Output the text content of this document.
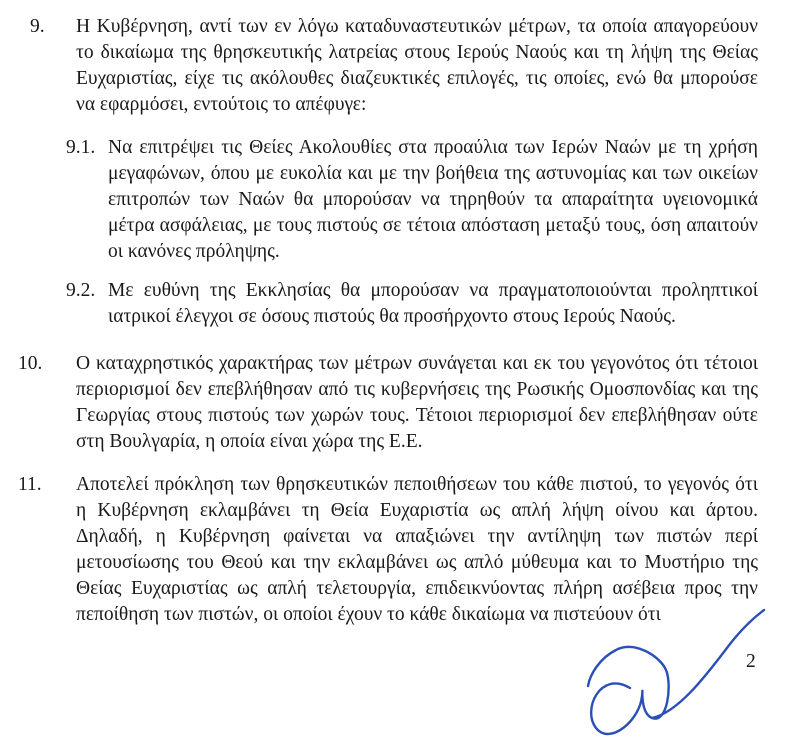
9. Η Κυβέρνηση, αντί των εν λόγω καταδυναστευτικών μέτρων, τα οποία απαγορεύουν το δικαίωμα της θρησκευτικής λατρείας στους Ιερούς Ναούς και τη λήψη της Θείας Ευχαριστίας, είχε τις ακόλουθες διαζευκτικές επιλογές, τις οποίες, ενώ θα μπορούσε να εφαρμόσει, εντούτοις το απέφυγε:
9.1. Να επιτρέψει τις Θείες Ακολουθίες στα προαύλια των Ιερών Ναών με τη χρήση μεγαφώνων, όπου με ευκολία και με την βοήθεια της αστυνομίας και των οικείων επιτροπών των Ναών θα μπορούσαν να τηρηθούν τα απαραίτητα υγειονομικά μέτρα ασφάλειας, με τους πιστούς σε τέτοια απόσταση μεταξύ τους, όση απαιτούν οι κανόνες πρόληψης.
9.2. Με ευθύνη της Εκκλησίας θα μπορούσαν να πραγματοποιούνται προληπτικοί ιατρικοί έλεγχοι σε όσους πιστούς θα προσήρχοντο στους Ιερούς Ναούς.
10. Ο καταχρηστικός χαρακτήρας των μέτρων συνάγεται και εκ του γεγονότος ότι τέτοιοι περιορισμοί δεν επεβλήθησαν από τις κυβερνήσεις της Ρωσικής Ομοσπονδίας και της Γεωργίας στους πιστούς των χωρών τους. Τέτοιοι περιορισμοί δεν επεβλήθησαν ούτε στη Βουλγαρία, η οποία είναι χώρα της Ε.Ε.
11. Αποτελεί πρόκληση των θρησκευτικών πεποιθήσεων του κάθε πιστού, το γεγονός ότι η Κυβέρνηση εκλαμβάνει τη Θεία Ευχαριστία ως απλή λήψη οίνου και άρτου. Δηλαδή, η Κυβέρνηση φαίνεται να απαξιώνει την αντίληψη των πιστών περί μετουσίωσης του Θεού και την εκλαμβάνει ως απλό μύθευμα και το Μυστήριο της Θείας Ευχαριστίας ως απλή τελετουργία, επιδεικνύοντας πλήρη ασέβεια προς την πεποίθηση των πιστών, οι οποίοι έχουν το κάθε δικαίωμα να πιστεύουν ότι
2
